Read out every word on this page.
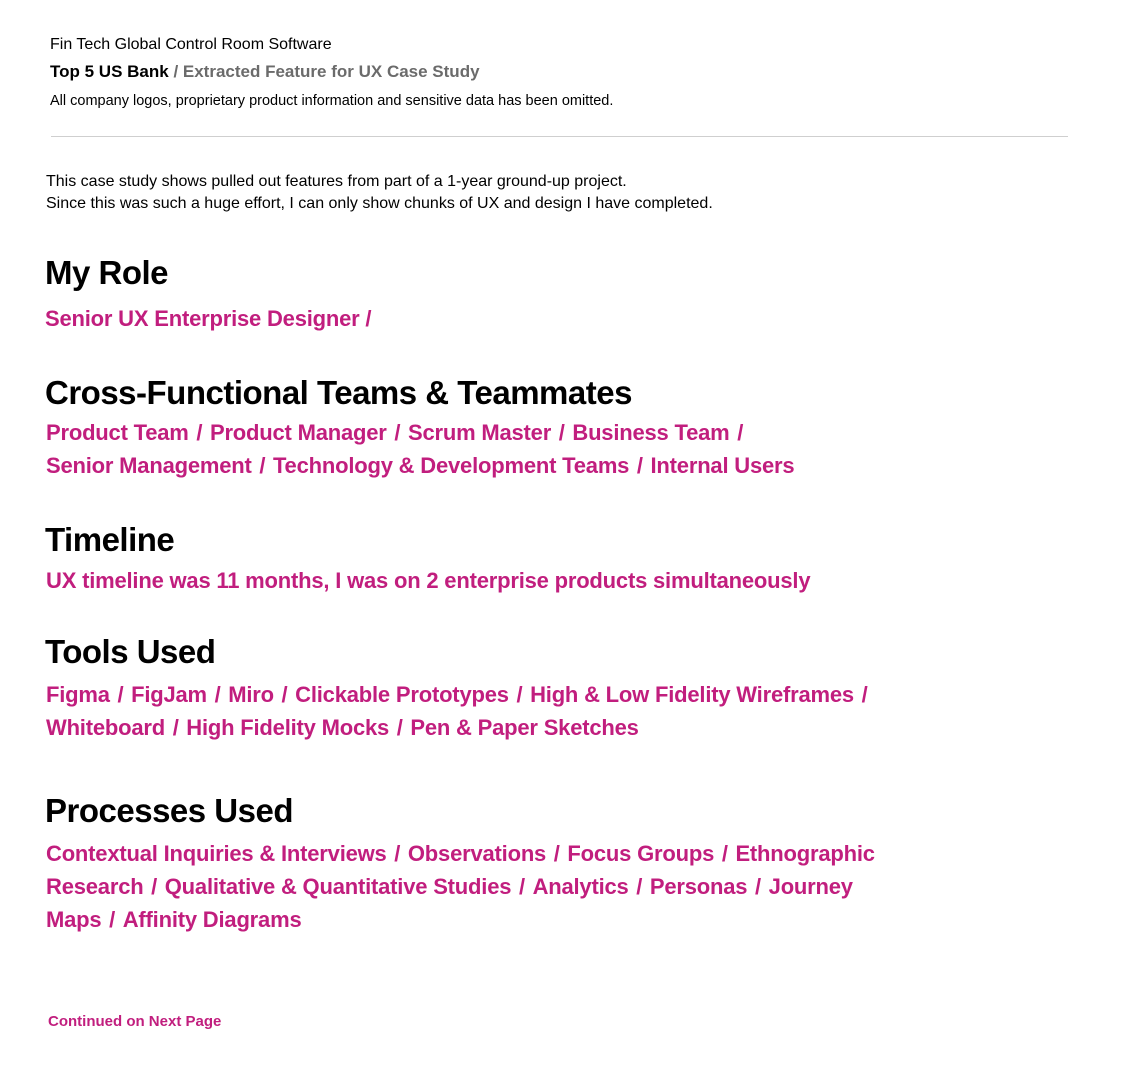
Fin Tech Global Control Room Software
Top 5 US Bank / Extracted Feature for UX Case Study
All company logos, proprietary product information and sensitive data has been omitted.
This case study shows pulled out features from part of a 1-year ground-up project.
Since this was such a huge effort, I can only show chunks of UX and design I have completed.
My Role
Senior UX Enterprise Designer /
Cross-Functional Teams & Teammates
Product Team / Product Manager / Scrum Master / Business Team /
Senior Management / Technology & Development Teams / Internal Users
Timeline
UX timeline was 11 months, I was on 2 enterprise products simultaneously
Tools Used
Figma / FigJam / Miro / Clickable Prototypes / High & Low Fidelity Wireframes /
Whiteboard / High Fidelity Mocks / Pen & Paper Sketches
Processes Used
Contextual Inquiries & Interviews / Observations / Focus Groups / Ethnographic
Research / Qualitative & Quantitative Studies / Analytics / Personas / Journey
Maps / Affinity Diagrams
Continued on Next Page
